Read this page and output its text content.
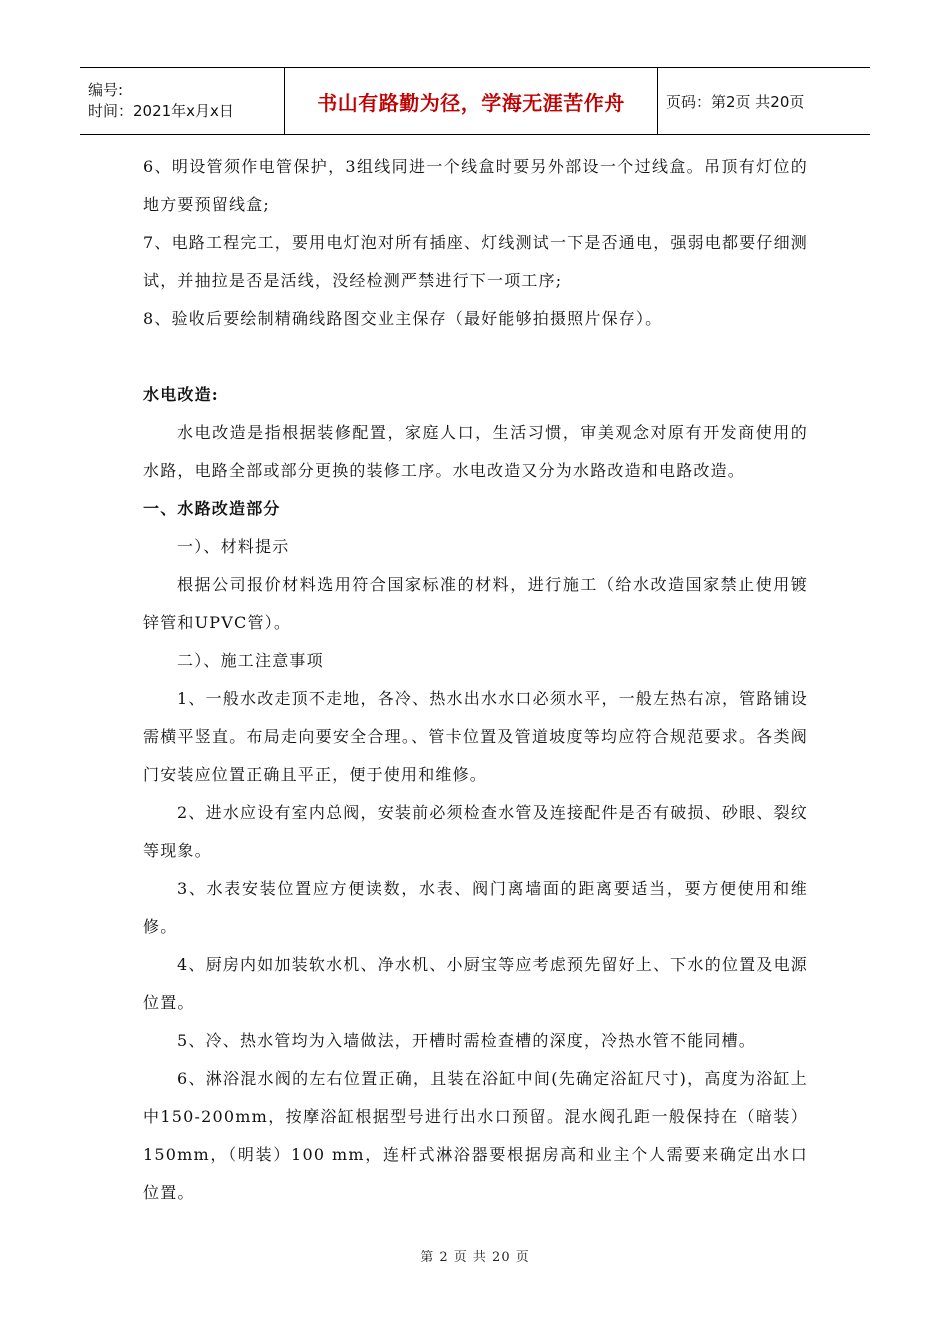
编号:
时间：2021年x月x日	书山有路勤为径，学海无涯苦作舟	页码：第2页 共20页

6、明设管须作电管保护，3组线同进一个线盒时要另外部设一个过线盒。吊顶有灯位的地方要预留线盒;

7、电路工程完工，要用电灯泡对所有插座、灯线测试一下是否通电，强弱电都要仔细测试，并抽拉是否是活线，没经检测严禁进行下一项工序;

8、验收后要绘制精确线路图交业主保存（最好能够拍摄照片保存）。

水电改造:

水电改造是指根据装修配置，家庭人口，生活习惯，审美观念对原有开发商使用的水路，电路全部或部分更换的装修工序。水电改造又分为水路改造和电路改造。

一、水路改造部分

一）、材料提示

根据公司报价材料选用符合国家标准的材料，进行施工（给水改造国家禁止使用镀锌管和UPVC管）。

二）、施工注意事项

1、一般水改走顶不走地，各冷、热水出水水口必须水平，一般左热右凉，管路铺设需横平竖直。布局走向要安全合理。、管卡位置及管道坡度等均应符合规范要求。各类阀门安装应位置正确且平正，便于使用和维修。

2、进水应设有室内总阀，安装前必须检查水管及连接配件是否有破损、砂眼、裂纹等现象。

3、水表安装位置应方便读数，水表、阀门离墙面的距离要适当，要方便使用和维修。

4、厨房内如加装软水机、净水机、小厨宝等应考虑预先留好上、下水的位置及电源位置。

5、冷、热水管均为入墙做法，开槽时需检查槽的深度，冷热水管不能同槽。

6、淋浴混水阀的左右位置正确，且装在浴缸中间(先确定浴缸尺寸)，高度为浴缸上中150-200mm，按摩浴缸根据型号进行出水口预留。混水阀孔距一般保持在（暗装）150mm，（明装）100 mm，连杆式淋浴器要根据房高和业主个人需要来确定出水口位置。

第 2 页 共 20 页
